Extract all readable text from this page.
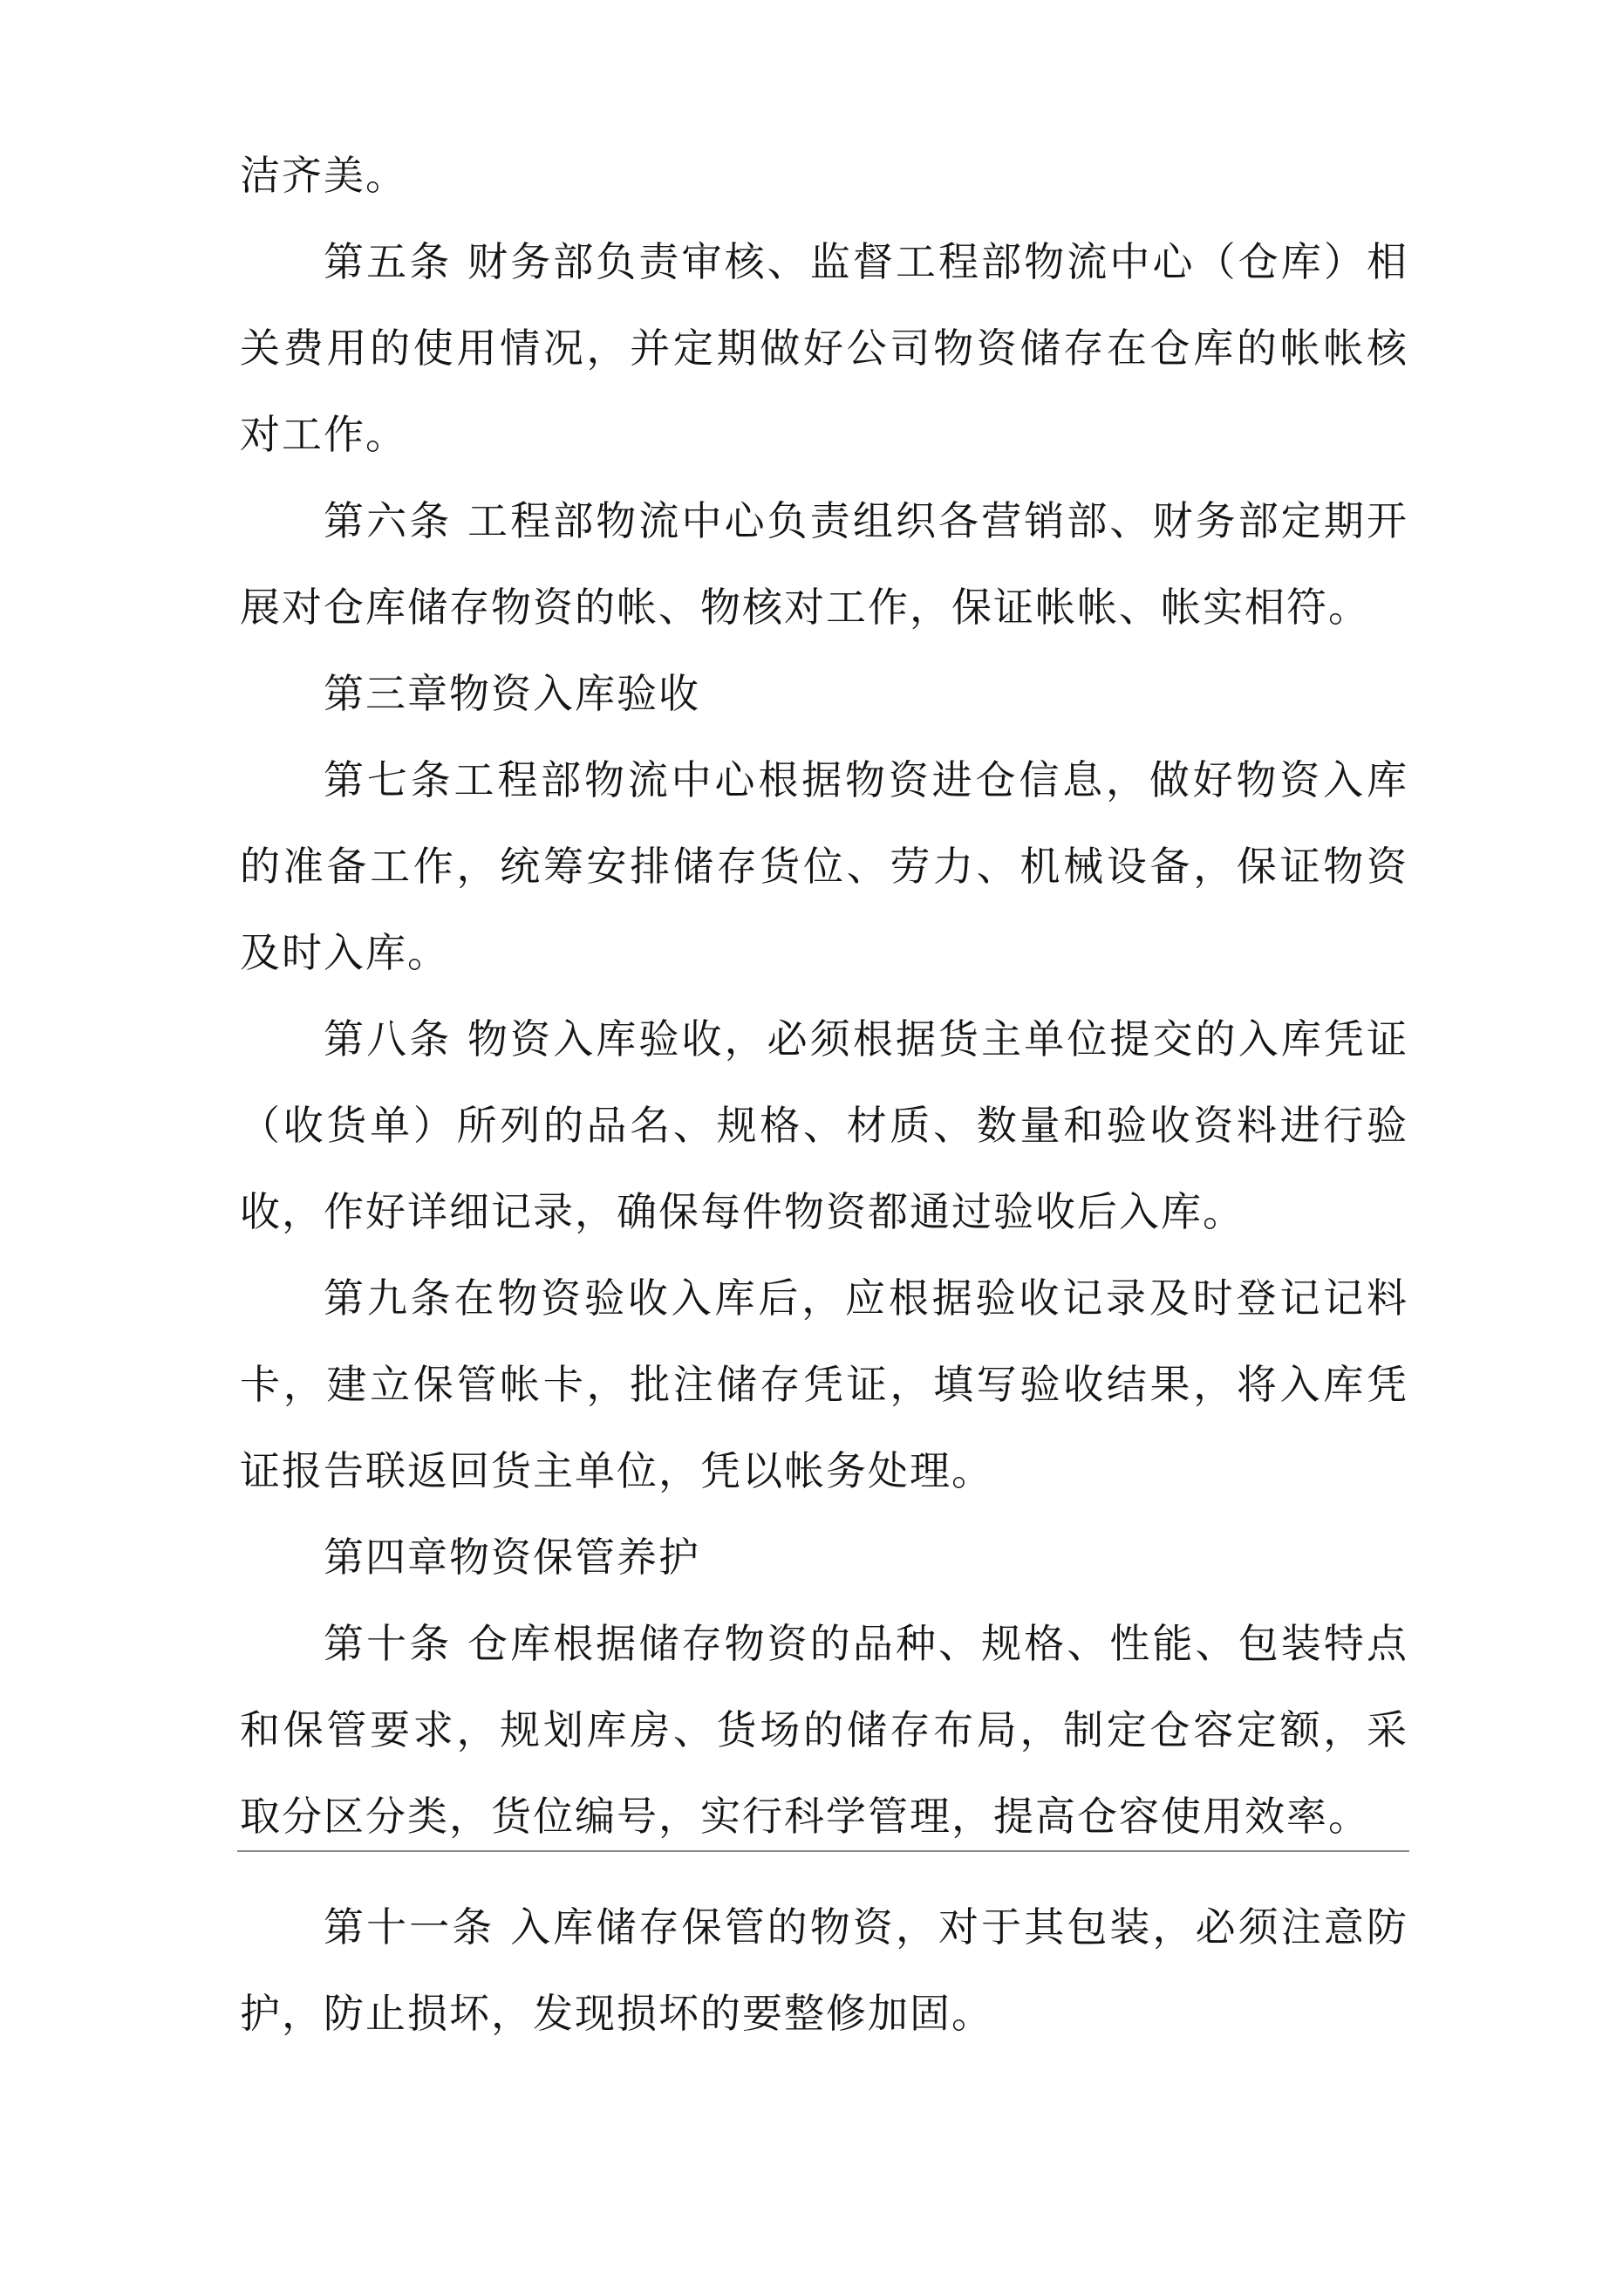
洁齐美。

第五条 财务部负责审核、监督工程部物流中心（仓库）相关费用的使用情况，并定期做好公司物资储存在仓库的帐帐核对工作。

第六条 工程部物流中心负责组织各营销部、财务部定期开展对仓库储存物资的帐、物核对工作，保证帐帐、帐实相符。

第三章物资入库验收

第七条工程部物流中心根据物资进仓信息，做好物资入库的准备工作，统筹安排储存货位、劳力、机械设备，保证物资及时入库。

第八条 物资入库验收，必须根据货主单位提交的入库凭证（收货单）所列的品名、规格、材质、数量和验收资料进行验收，作好详细记录，确保每件物资都通过验收后入库。

第九条在物资验收入库后，应根据验收记录及时登记记料卡，建立保管帐卡，批注储存凭证，填写验收结果，将入库凭证报告联返回货主单位，凭以帐务处理。

第四章物资保管养护

第十条 仓库根据储存物资的品种、规格、性能、包装特点和保管要求，规划库房、货场的储存布局，制定仓容定额，采取分区分类，货位编号，实行科学管理，提高仓容使用效率。

第十一条 入库储存保管的物资，对于其包装，必须注意防护，防止损坏，发现损坏的要整修加固。
